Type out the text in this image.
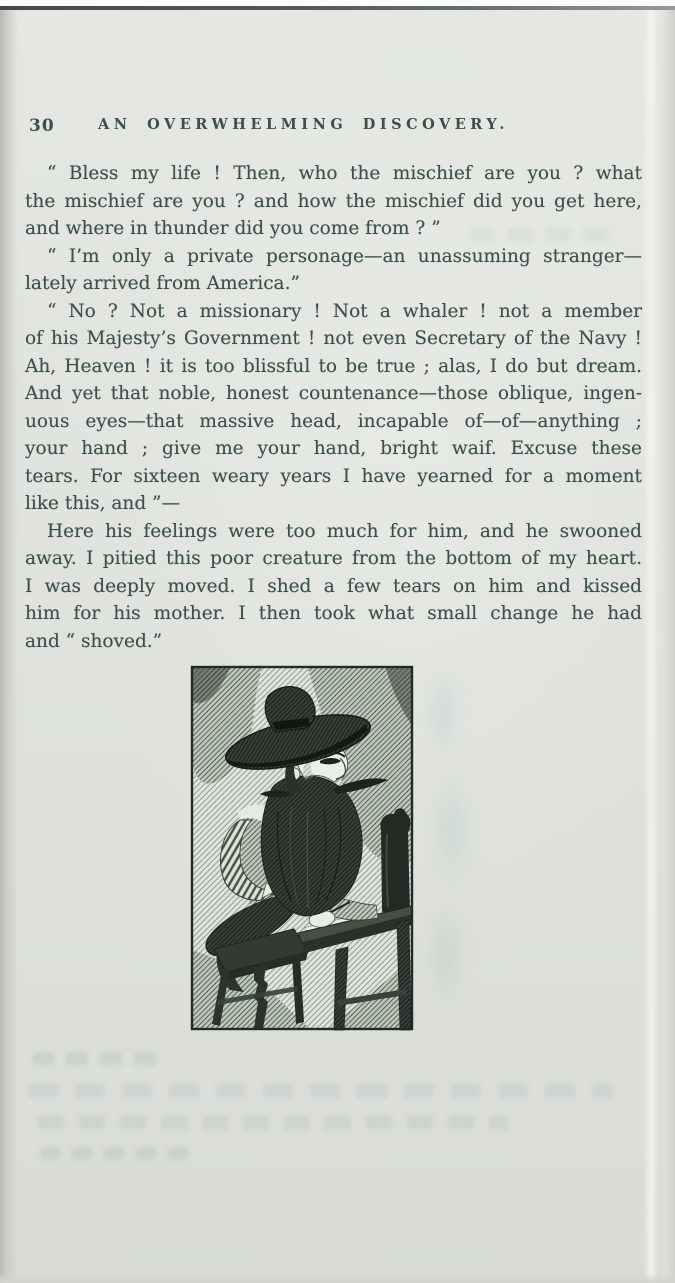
30	AN OVERWHELMING DISCOVERY.
“ Bless my life ! Then, who the mischief are you ? what
the mischief are you ? and how the mischief did you get here,
and where in thunder did you come from ? ”
“ I’m only a private personage—an unassuming stranger—
lately arrived from America.”
“ No ? Not a missionary ! Not a whaler ! not a member
of his Majesty’s Government ! not even Secretary of the Navy !
Ah, Heaven ! it is too blissful to be true ; alas, I do but dream.
And yet that noble, honest countenance—those oblique, ingen-
uous eyes—that massive head, incapable of—of—anything ;
your hand ; give me your hand, bright waif. Excuse these
tears. For sixteen weary years I have yearned for a moment
like this, and ”—
Here his feelings were too much for him, and he swooned
away. I pitied this poor creature from the bottom of my heart.
I was deeply moved. I shed a few tears on him and kissed
him for his mother. I then took what small change he had
and “ shoved.”
